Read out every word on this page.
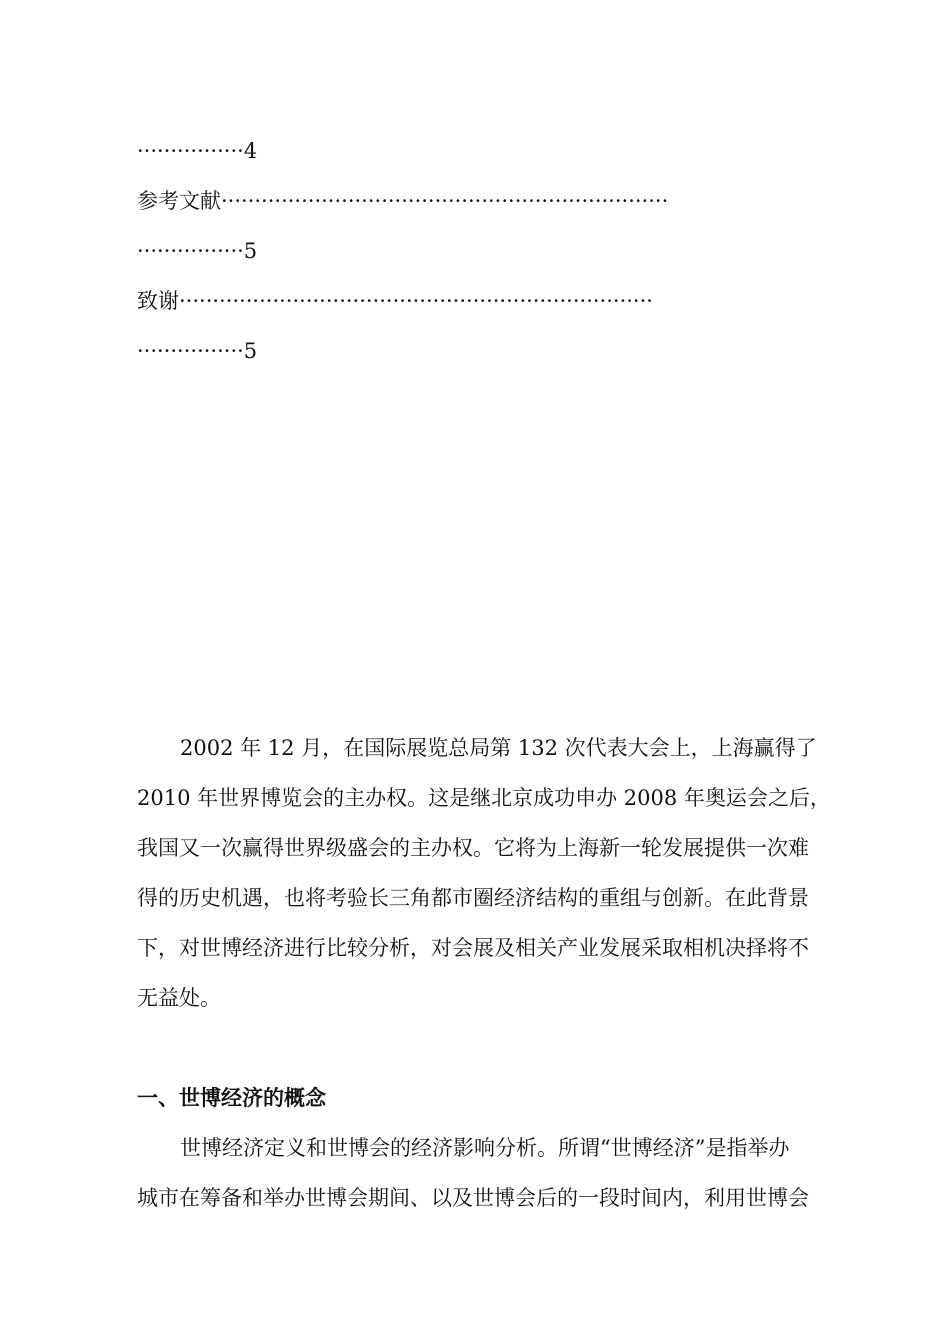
················4
参考文献···································································
················5
致谢·······································································
················5
2002 年 12 月，在国际展览总局第 132 次代表大会上，上海赢得了
2010 年世界博览会的主办权。这是继北京成功申办 2008 年奥运会之后，
我国又一次赢得世界级盛会的主办权。它将为上海新一轮发展提供一次难
得的历史机遇，也将考验长三角都市圈经济结构的重组与创新。在此背景
下，对世博经济进行比较分析，对会展及相关产业发展采取相机决择将不
无益处。
一、世博经济的概念
世博经济定义和世博会的经济影响分析。所谓“世博经济”是指举办
城市在筹备和举办世博会期间、以及世博会后的一段时间内，利用世博会
